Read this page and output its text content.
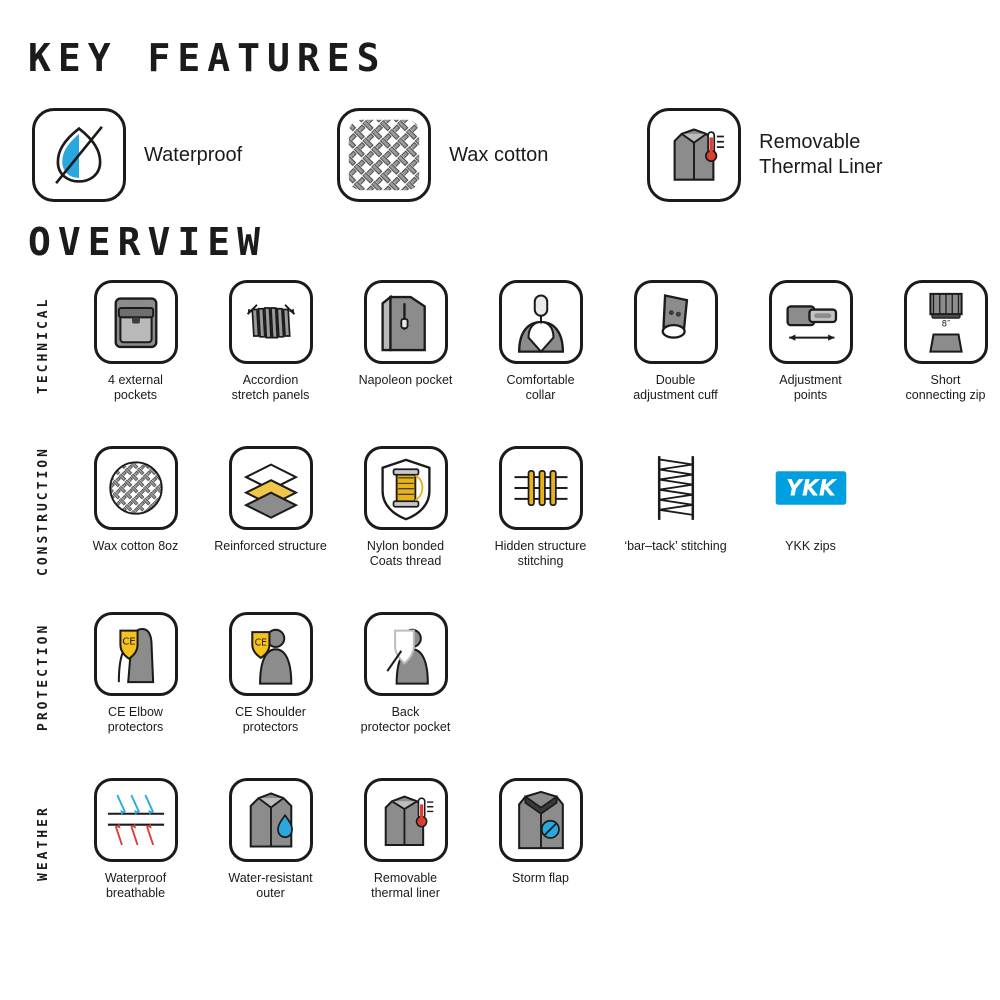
KEY FEATURES
Waterproof	Wax cotton
Removable
Thermal Liner
OVERVIEW
TECHNICAL	4 external
pockets
Accordion
stretch panels
Napoleon pocket	Comfortable
collar
Double
adjustment cuff
Adjustment
points
8″
Short
connecting zip
CONSTRUCTION	Wax cotton 8oz	Reinforced structure	Nylon bonded
Coats thread
Hidden structure
stitching
‘bar–tack’ stitching
YKK
YKK zips
PROTECTION	CE
CE Elbow
protectors
CE
CE Shoulder
protectors
Back
protector pocket
WEATHER	Waterproof
breathable
Water-resistant
outer
Removable
thermal liner
Storm flap
